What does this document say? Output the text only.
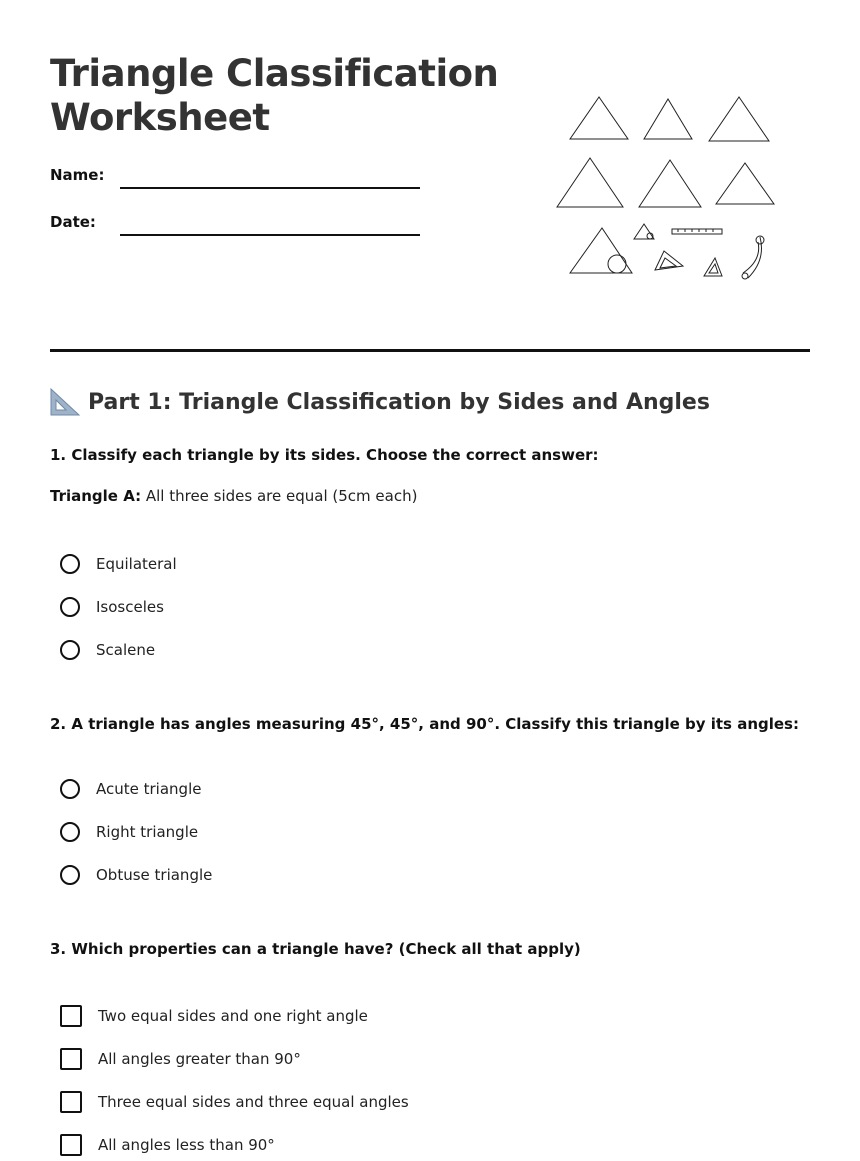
Triangle Classification
Worksheet
Name:
Date:
Part 1: Triangle Classification by Sides and Angles
1. Classify each triangle by its sides. Choose the correct answer:
Triangle A: All three sides are equal (5cm each)
Equilateral
Isosceles
Scalene
2. A triangle has angles measuring 45°, 45°, and 90°. Classify this triangle by its angles:
Acute triangle
Right triangle
Obtuse triangle
3. Which properties can a triangle have? (Check all that apply)
Two equal sides and one right angle
All angles greater than 90°
Three equal sides and three equal angles
All angles less than 90°
